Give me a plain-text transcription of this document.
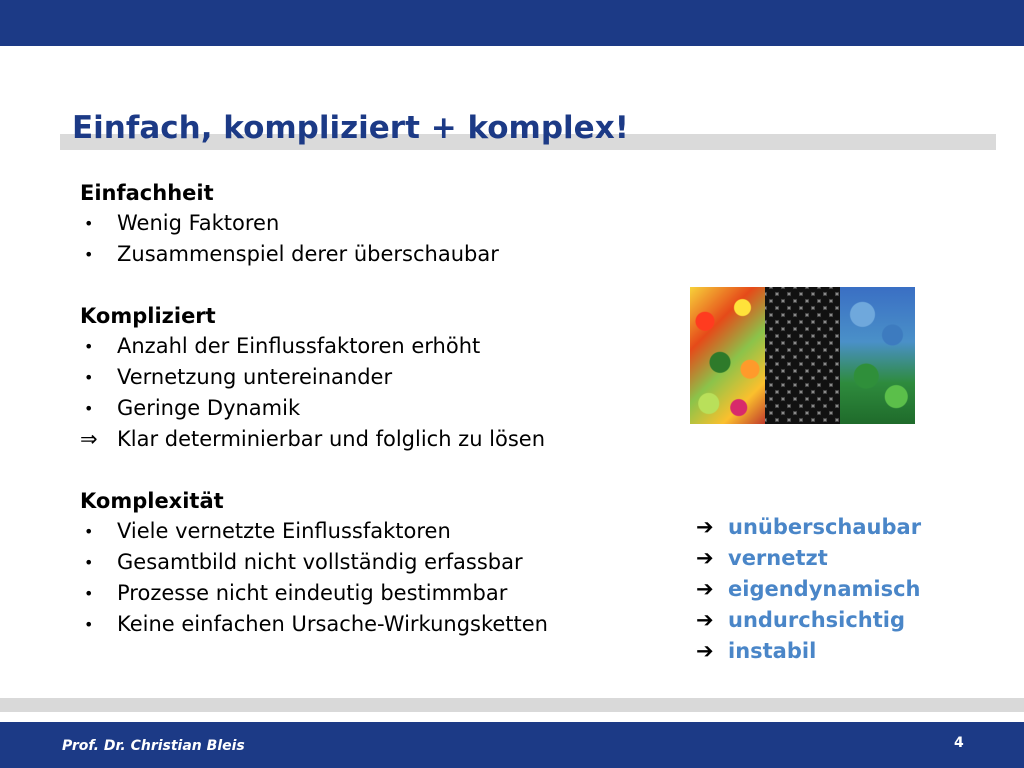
Einfach, kompliziert + komplex!
Einfachheit
•	Wenig Faktoren
•	Zusammenspiel derer überschaubar
Kompliziert
•	Anzahl der Einflussfaktoren erhöht
•	Vernetzung untereinander
•	Geringe Dynamik
⇒ Klar determinierbar und folglich zu lösen
Komplexität
•	Viele vernetzte Einflussfaktoren
•	Gesamtbild nicht vollständig erfassbar
•	Prozesse nicht eindeutig bestimmbar
•	Keine einfachen Ursache-Wirkungsketten
➔ unüberschaubar
➔ vernetzt
➔ eigendynamisch
➔ undurchsichtig
➔ instabil
Prof. Dr. Christian Bleis	4
